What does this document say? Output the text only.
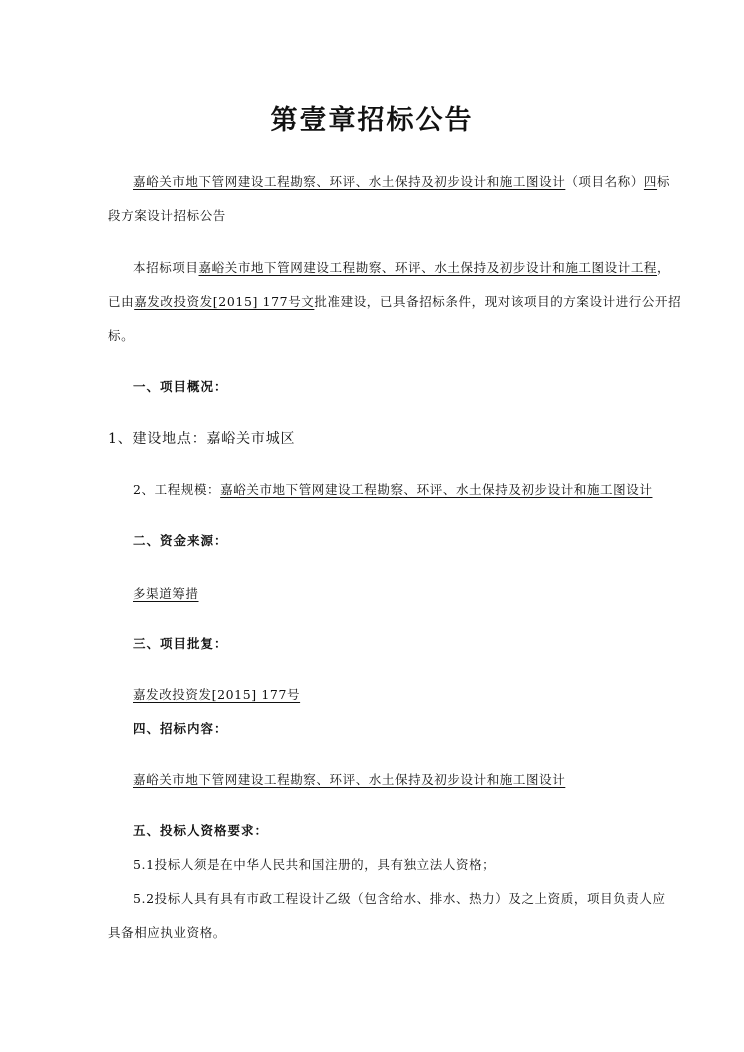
第壹章招标公告
嘉峪关市地下管网建设工程勘察、环评、水土保持及初步设计和施工图设计（项目名称）四标
段方案设计招标公告
本招标项目嘉峪关市地下管网建设工程勘察、环评、水土保持及初步设计和施工图设计工程，
已由嘉发改投资发[2015] 177号文批准建设，已具备招标条件，现对该项目的方案设计进行公开招
标。
一、项目概况：
1、建设地点：嘉峪关市城区
2、工程规模：嘉峪关市地下管网建设工程勘察、环评、水土保持及初步设计和施工图设计
二、资金来源：
多渠道筹措
三、项目批复：
嘉发改投资发[2015] 177号
四、招标内容：
嘉峪关市地下管网建设工程勘察、环评、水土保持及初步设计和施工图设计
五、投标人资格要求：
5.1投标人须是在中华人民共和国注册的，具有独立法人资格；
5.2投标人具有具有市政工程设计乙级（包含给水、排水、热力）及之上资质，项目负责人应
具备相应执业资格。
